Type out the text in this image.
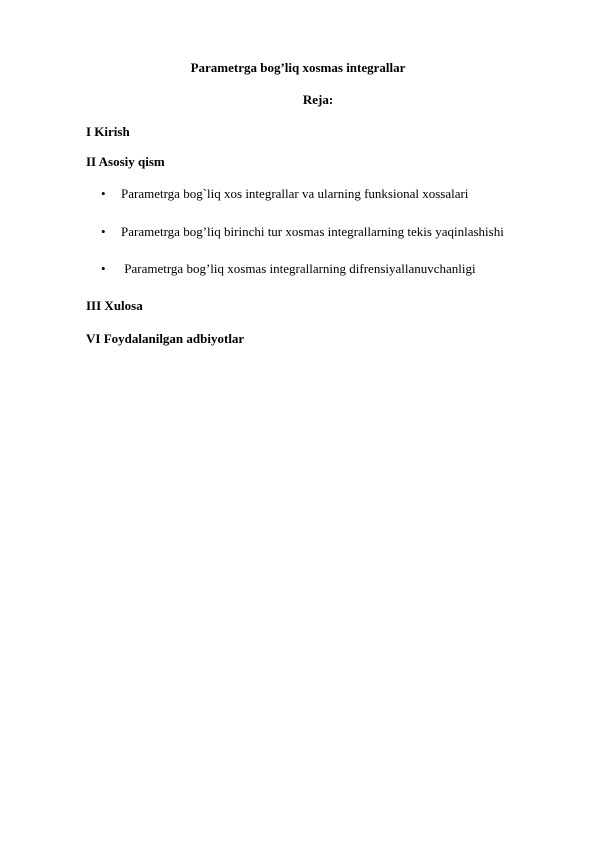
Parametrga bog’liq xosmas integrallar
Reja:
I Kirish
II Asosiy qism
•	Parametrga bog`liq xos integrallar va ularning funksional xossalari
•	Parametrga bog’liq birinchi tur xosmas integrallarning tekis yaqinlashishi
•	Parametrga bog’liq xosmas integrallarning difrensiyallanuvchanligi
III Xulosa
VI Foydalanilgan adbiyotlar
